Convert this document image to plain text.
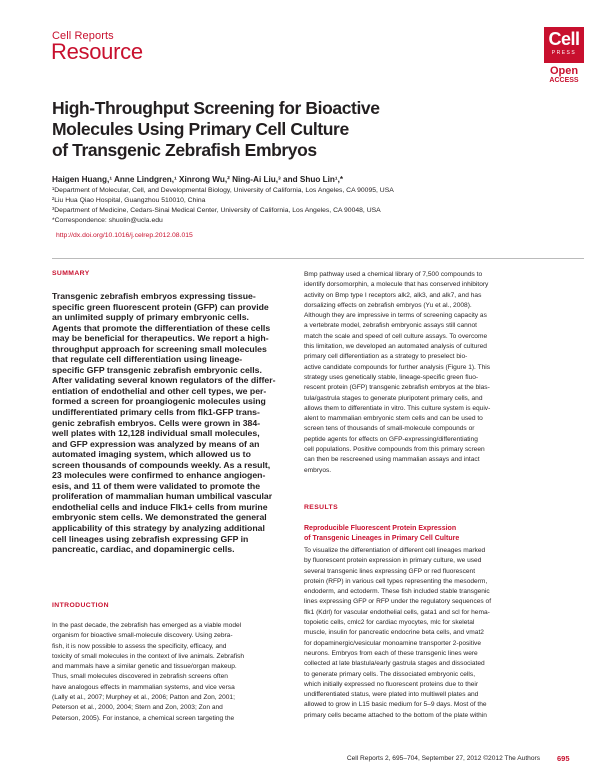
Cell Reports
Resource	Cell
PRESS
Open
ACCESS
High-Throughput Screening for Bioactive
Molecules Using Primary Cell Culture
of Transgenic Zebrafish Embryos
Haigen Huang,¹ Anne Lindgren,¹ Xinrong Wu,² Ning-Ai Liu,³ and Shuo Lin¹,*
¹Department of Molecular, Cell, and Developmental Biology, University of California, Los Angeles, CA 90095, USA
²Liu Hua Qiao Hospital, Guangzhou 510010, China
³Department of Medicine, Cedars-Sinai Medical Center, University of California, Los Angeles, CA 90048, USA
*Correspondence: shuolin@ucla.edu
http://dx.doi.org/10.1016/j.celrep.2012.08.015
SUMMARY
Transgenic zebrafish embryos expressing tissue-
specific green fluorescent protein (GFP) can provide
an unlimited supply of primary embryonic cells.
Agents that promote the differentiation of these cells
may be beneficial for therapeutics. We report a high-
throughput approach for screening small molecules
that regulate cell differentiation using lineage-
specific GFP transgenic zebrafish embryonic cells.
After validating several known regulators of the differ-
entiation of endothelial and other cell types, we per-
formed a screen for proangiogenic molecules using
undifferentiated primary cells from flk1-GFP trans-
genic zebrafish embryos. Cells were grown in 384-
well plates with 12,128 individual small molecules,
and GFP expression was analyzed by means of an
automated imaging system, which allowed us to
screen thousands of compounds weekly. As a result,
23 molecules were confirmed to enhance angiogen-
esis, and 11 of them were validated to promote the
proliferation of mammalian human umbilical vascular
endothelial cells and induce Flk1+ cells from murine
embryonic stem cells. We demonstrated the general
applicability of this strategy by analyzing additional
cell lineages using zebrafish expressing GFP in
pancreatic, cardiac, and dopaminergic cells.
INTRODUCTION
In the past decade, the zebrafish has emerged as a viable model
organism for bioactive small-molecule discovery. Using zebra-
fish, it is now possible to assess the specificity, efficacy, and
toxicity of small molecules in the context of live animals. Zebrafish
and mammals have a similar genetic and tissue/organ makeup.
Thus, small molecules discovered in zebrafish screens often
have analogous effects in mammalian systems, and vice versa
(Lally et al., 2007; Murphey et al., 2006; Patton and Zon, 2001;
Peterson et al., 2000, 2004; Stern and Zon, 2003; Zon and
Peterson, 2005). For instance, a chemical screen targeting the
Bmp pathway used a chemical library of 7,500 compounds to
identify dorsomorphin, a molecule that has conserved inhibitory
activity on Bmp type I receptors alk2, alk3, and alk7, and has
dorsalizing effects on zebrafish embryos (Yu et al., 2008).
Although they are impressive in terms of screening capacity as
a vertebrate model, zebrafish embryonic assays still cannot
match the scale and speed of cell culture assays. To overcome
this limitation, we developed an automated analysis of cultured
primary cell differentiation as a strategy to preselect bio-
active candidate compounds for further analysis (Figure 1). This
strategy uses genetically stable, lineage-specific green fluo-
rescent protein (GFP) transgenic zebrafish embryos at the blas-
tula/gastrula stages to generate pluripotent primary cells, and
allows them to differentiate in vitro. This culture system is equiv-
alent to mammalian embryonic stem cells and can be used to
screen tens of thousands of small-molecule compounds or
peptide agents for effects on GFP-expressing/differentiating
cell populations. Positive compounds from this primary screen
can then be rescreened using mammalian assays and intact
embryos.
RESULTS
Reproducible Fluorescent Protein Expression
of Transgenic Lineages in Primary Cell Culture
To visualize the differentiation of different cell lineages marked
by fluorescent protein expression in primary culture, we used
several transgenic lines expressing GFP or red fluorescent
protein (RFP) in various cell types representing the mesoderm,
endoderm, and ectoderm. These fish included stable transgenic
lines expressing GFP or RFP under the regulatory sequences of
flk1 (Kdrl) for vascular endothelial cells, gata1 and scl for hema-
topoietic cells, cmlc2 for cardiac myocytes, mlc for skeletal
muscle, insulin for pancreatic endocrine beta cells, and vmat2
for dopaminergic/vesicular monoamine transporter 2-positive
neurons. Embryos from each of these transgenic lines were
collected at late blastula/early gastrula stages and dissociated
to generate primary cells. The dissociated embryonic cells,
which initially expressed no fluorescent proteins due to their
undifferentiated status, were plated into multiwell plates and
allowed to grow in L15 basic medium for 5–9 days. Most of the
primary cells became attached to the bottom of the plate within
Cell Reports 2, 695–704, September 27, 2012 ©2012 The Authors 695
